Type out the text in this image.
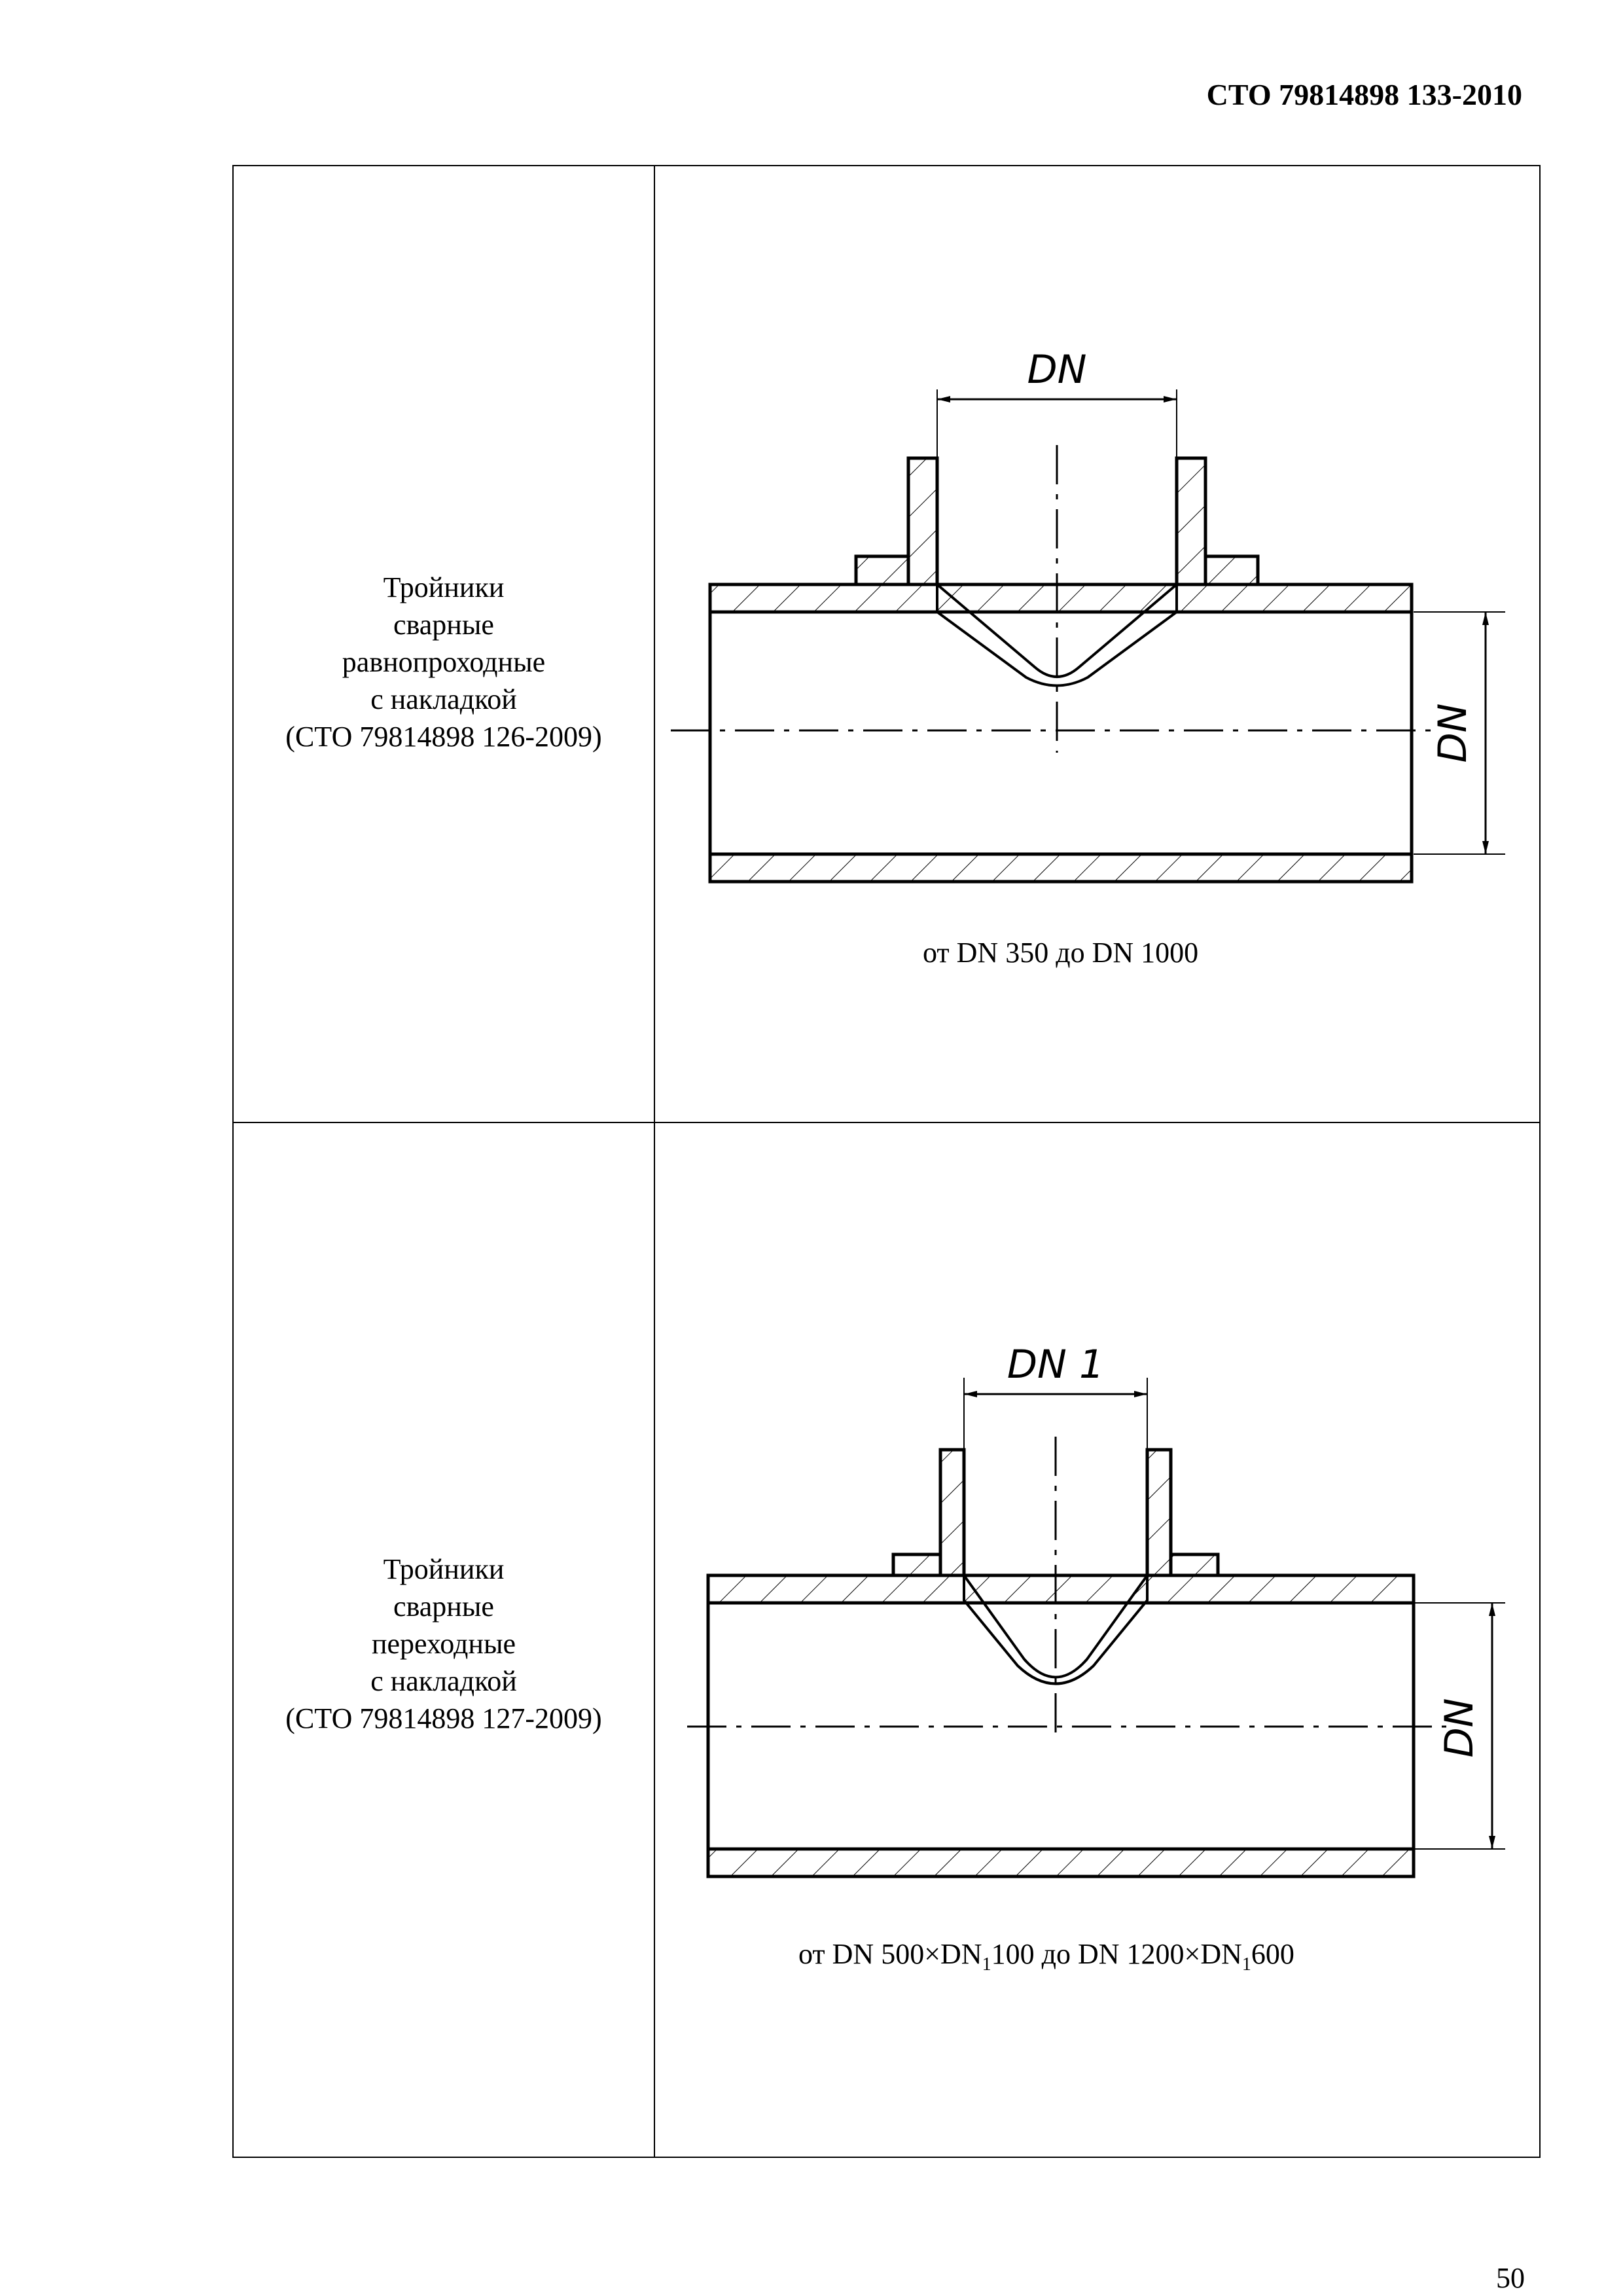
СТО 79814898 133-2010
Тройники
сварные
равнопроходные
с накладкой
(СТО 79814898 126-2009)
Тройники
сварные
переходные
с накладкой
(СТО 79814898 127-2009)
DN
DN
DN 1
DN
от DN 350 до DN 1000
от DN $500\times DN_1100$ до DN $1200\times DN_1600$
50
